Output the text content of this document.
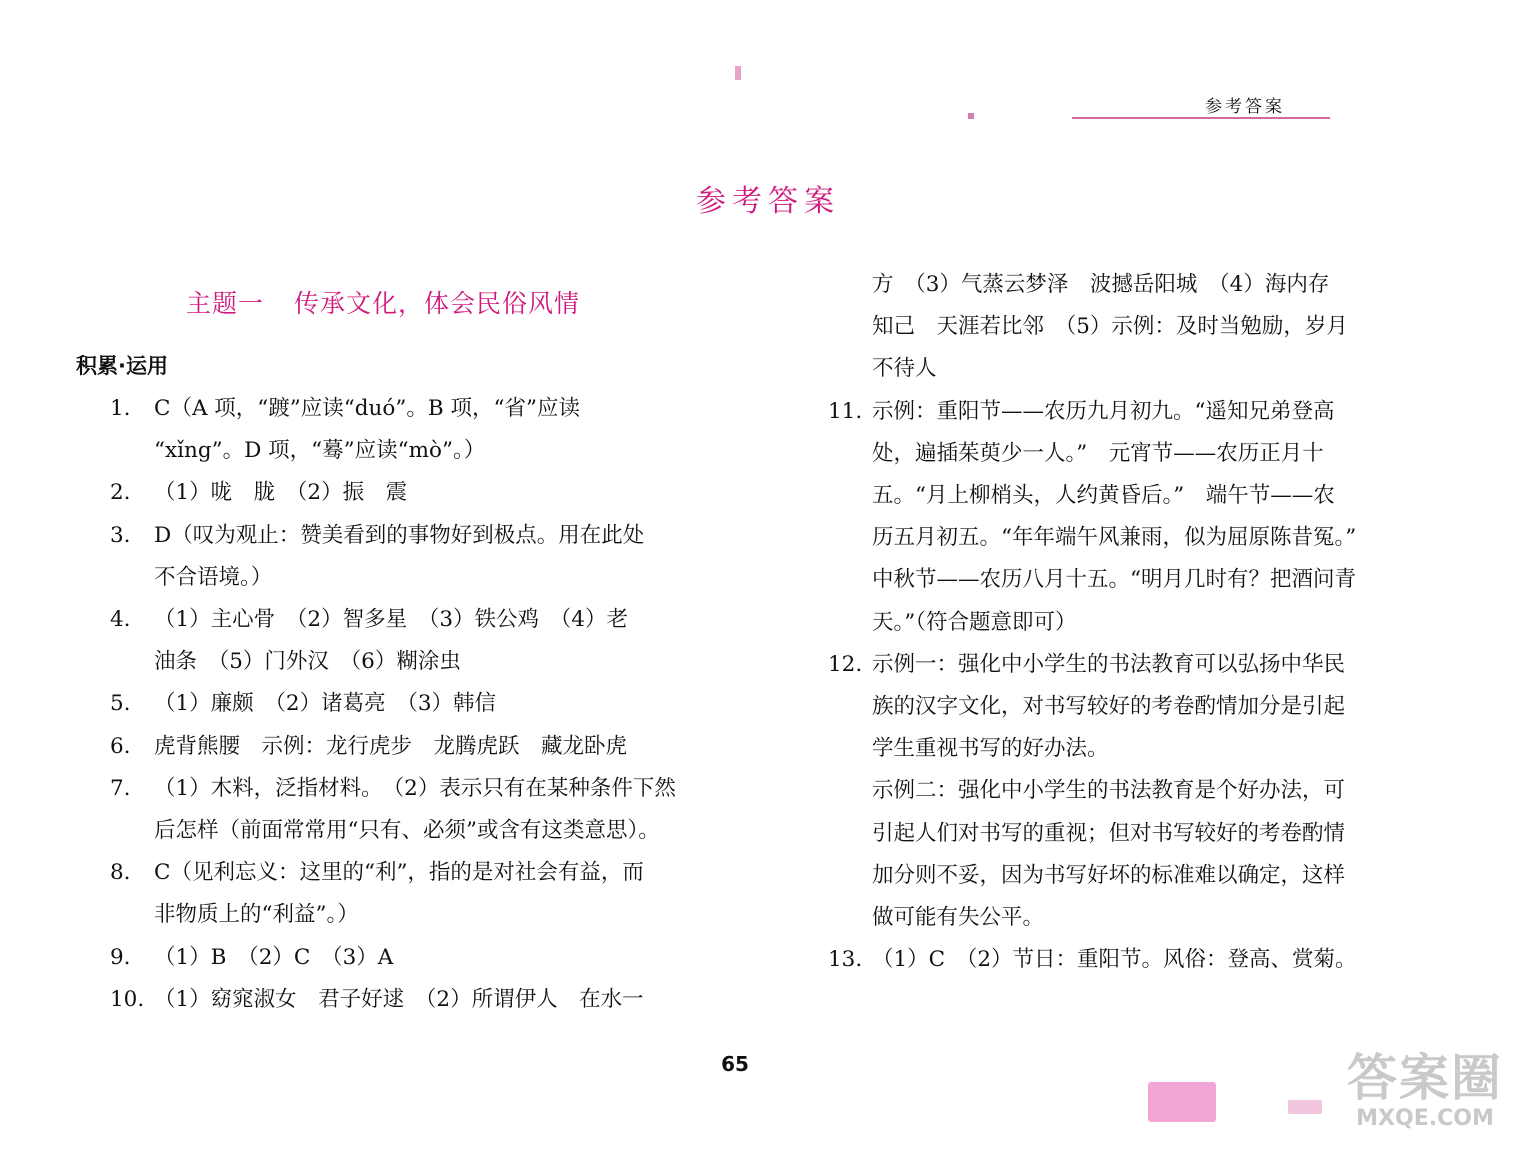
参考答案
参考答案
主题一 传承文化，体会民俗风情
积累·运用
1.	C（A 项，“踱”应读“duó”。B 项，“省”应读
“xǐng”。D 项，“蓦”应读“mò”。）
2.	（1）咙　胧　（2）振　震
3.	D（叹为观止：赞美看到的事物好到极点。用在此处
不合语境。）
4.	（1）主心骨　（2）智多星　（3）铁公鸡　（4）老
油条　（5）门外汉　（6）糊涂虫
5.	（1）廉颇　（2）诸葛亮　（3）韩信
6.	虎背熊腰　示例：龙行虎步　龙腾虎跃　藏龙卧虎
7.	（1）木料，泛指材料。　（2）表示只有在某种条件下然
后怎样（前面常常用“只有、必须”或含有这类意思）。
8.	C（见利忘义：这里的“利”，指的是对社会有益，而
非物质上的“利益”。）
9.	（1）B　（2）C　（3）A
10. （1）窈窕淑女　君子好逑　（2）所谓伊人　在水一
方　（3）气蒸云梦泽　波撼岳阳城　（4）海内存
知己　天涯若比邻　（5）示例：及时当勉励，岁月
不待人
11. 示例：重阳节——农历九月初九。“遥知兄弟登高
处，遍插茱萸少一人。”　元宵节——农历正月十
五。“月上柳梢头，人约黄昏后。”　端午节——农
历五月初五。“年年端午风兼雨，似为屈原陈昔冤。”
中秋节——农历八月十五。“明月几时有？把酒问青
天。”（符合题意即可）
12. 示例一：强化中小学生的书法教育可以弘扬中华民
族的汉字文化，对书写较好的考卷酌情加分是引起
学生重视书写的好办法。
示例二：强化中小学生的书法教育是个好办法，可
引起人们对书写的重视；但对书写较好的考卷酌情
加分则不妥，因为书写好坏的标准难以确定，这样
做可能有失公平。
13. （1）C　（2）节日：重阳节。风俗：登高、赏菊。
65	答案圈
MXQE.COM
